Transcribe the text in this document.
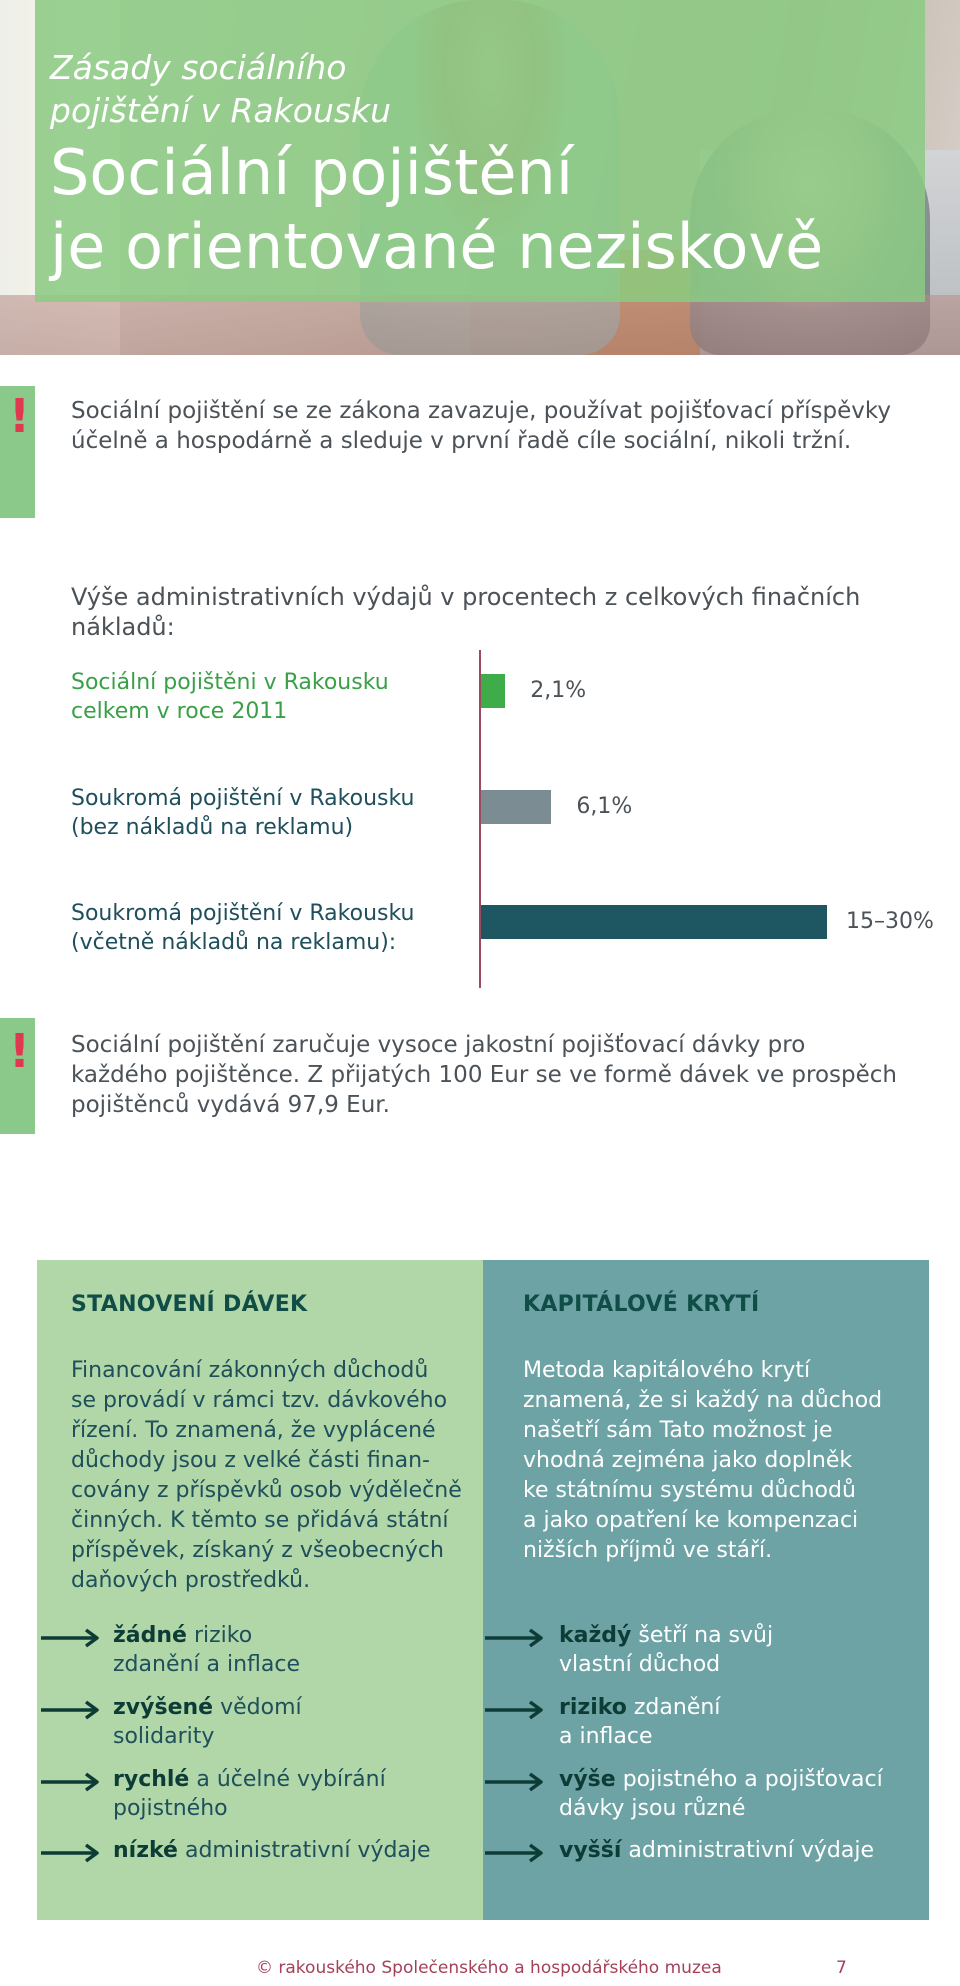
Zásady sociálního
pojištění v Rakousku
Sociální pojištění
je orientované neziskově
! Sociální pojištění se ze zákona zavazuje, používat pojišťovací příspěvky
účelně a hospodárně a sleduje v první řadě cíle sociální, nikoli tržní.
Výše administrativních výdajů v procentech z celkových finačních nákladů:
Sociální pojištěni v Rakousku
celkem v roce 2011
2,1%
Soukromá pojištění v Rakousku
(bez nákladů na reklamu)
6,1%
Soukromá pojištění v Rakousku
(včetně nákladů na reklamu):
15–30%
! Sociální pojištění zaručuje vysoce jakostní pojišťovací dávky pro
každého pojištěnce. Z přijatých 100 Eur se ve formě dávek ve prospěch
pojištěnců vydává 97,9 Eur.
STANOVENÍ DÁVEK
Financování zákonných důchodů
se provádí v rámci tzv. dávkového
řízení. To znamená, že vyplácené
důchody jsou z velké části finan-
covány z příspěvků osob výdělečně
činných. K těmto se přidává státní
příspěvek, získaný z všeobecných
daňových prostředků.
žádné riziko
zdanění a inflace
zvýšené vědomí
solidarity
rychlé a účelné vybírání
pojistného
nízké administrativní výdaje
KAPITÁLOVÉ KRYTÍ
Metoda kapitálového krytí
znamená, že si každý na důchod
našetří sám Tato možnost je
vhodná zejména jako doplněk
ke státnímu systému důchodů
a jako opatření ke kompenzaci
nižších příjmů ve stáří.
každý šetří na svůj
vlastní důchod
riziko zdanění
a inflace
výše pojistného a pojišťovací
dávky jsou různé
vyšší administrativní výdaje
© rakouského Společenského a hospodářského muzea	7
